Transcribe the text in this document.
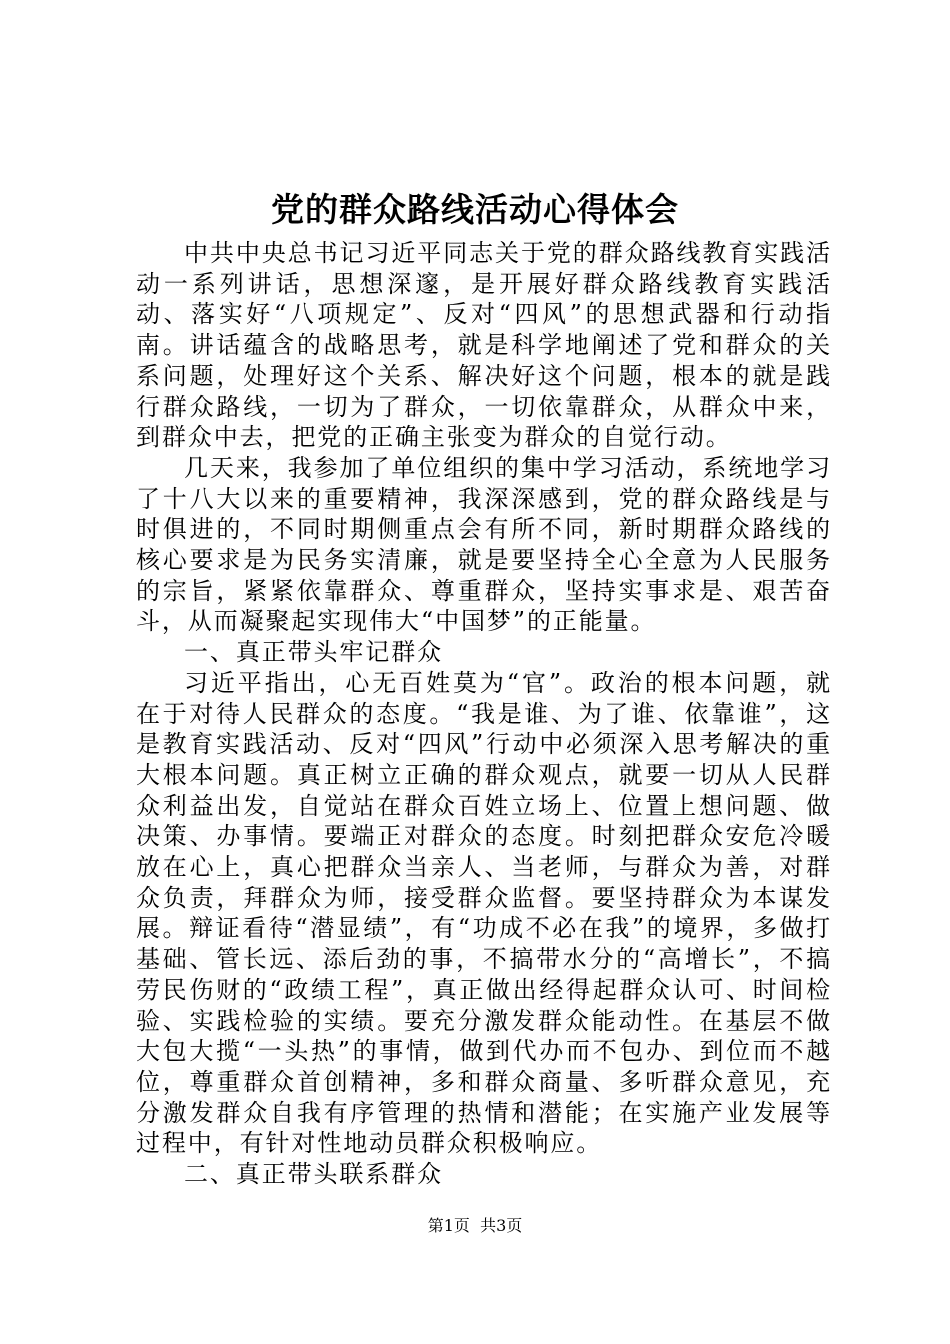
党的群众路线活动心得体会

中共中央总书记习近平同志关于党的群众路线教育实践活动一系列讲话，思想深邃，是开展好群众路线教育实践活动、落实好“八项规定”、反对“四风”的思想武器和行动指南。讲话蕴含的战略思考，就是科学地阐述了党和群众的关系问题，处理好这个关系、解决好这个问题，根本的就是践行群众路线，一切为了群众，一切依靠群众，从群众中来，到群众中去，把党的正确主张变为群众的自觉行动。

几天来，我参加了单位组织的集中学习活动，系统地学习了十八大以来的重要精神，我深深感到，党的群众路线是与时俱进的，不同时期侧重点会有所不同，新时期群众路线的核心要求是为民务实清廉，就是要坚持全心全意为人民服务的宗旨，紧紧依靠群众、尊重群众，坚持实事求是、艰苦奋斗，从而凝聚起实现伟大“中国梦”的正能量。

一、真正带头牢记群众

习近平指出，心无百姓莫为“官”。政治的根本问题，就在于对待人民群众的态度。“我是谁、为了谁、依靠谁”，这是教育实践活动、反对“四风”行动中必须深入思考解决的重大根本问题。真正树立正确的群众观点，就要一切从人民群众利益出发，自觉站在群众百姓立场上、位置上想问题、做决策、办事情。要端正对群众的态度。时刻把群众安危冷暖放在心上，真心把群众当亲人、当老师，与群众为善，对群众负责，拜群众为师，接受群众监督。要坚持群众为本谋发展。辩证看待“潜显绩”，有“功成不必在我”的境界，多做打基础、管长远、添后劲的事，不搞带水分的“高增长”，不搞劳民伤财的“政绩工程”，真正做出经得起群众认可、时间检验、实践检验的实绩。要充分激发群众能动性。在基层不做大包大揽“一头热”的事情，做到代办而不包办、到位而不越位，尊重群众首创精神，多和群众商量、多听群众意见，充分激发群众自我有序管理的热情和潜能；在实施产业发展等过程中，有针对性地动员群众积极响应。

二、真正带头联系群众

第1页 共3页
